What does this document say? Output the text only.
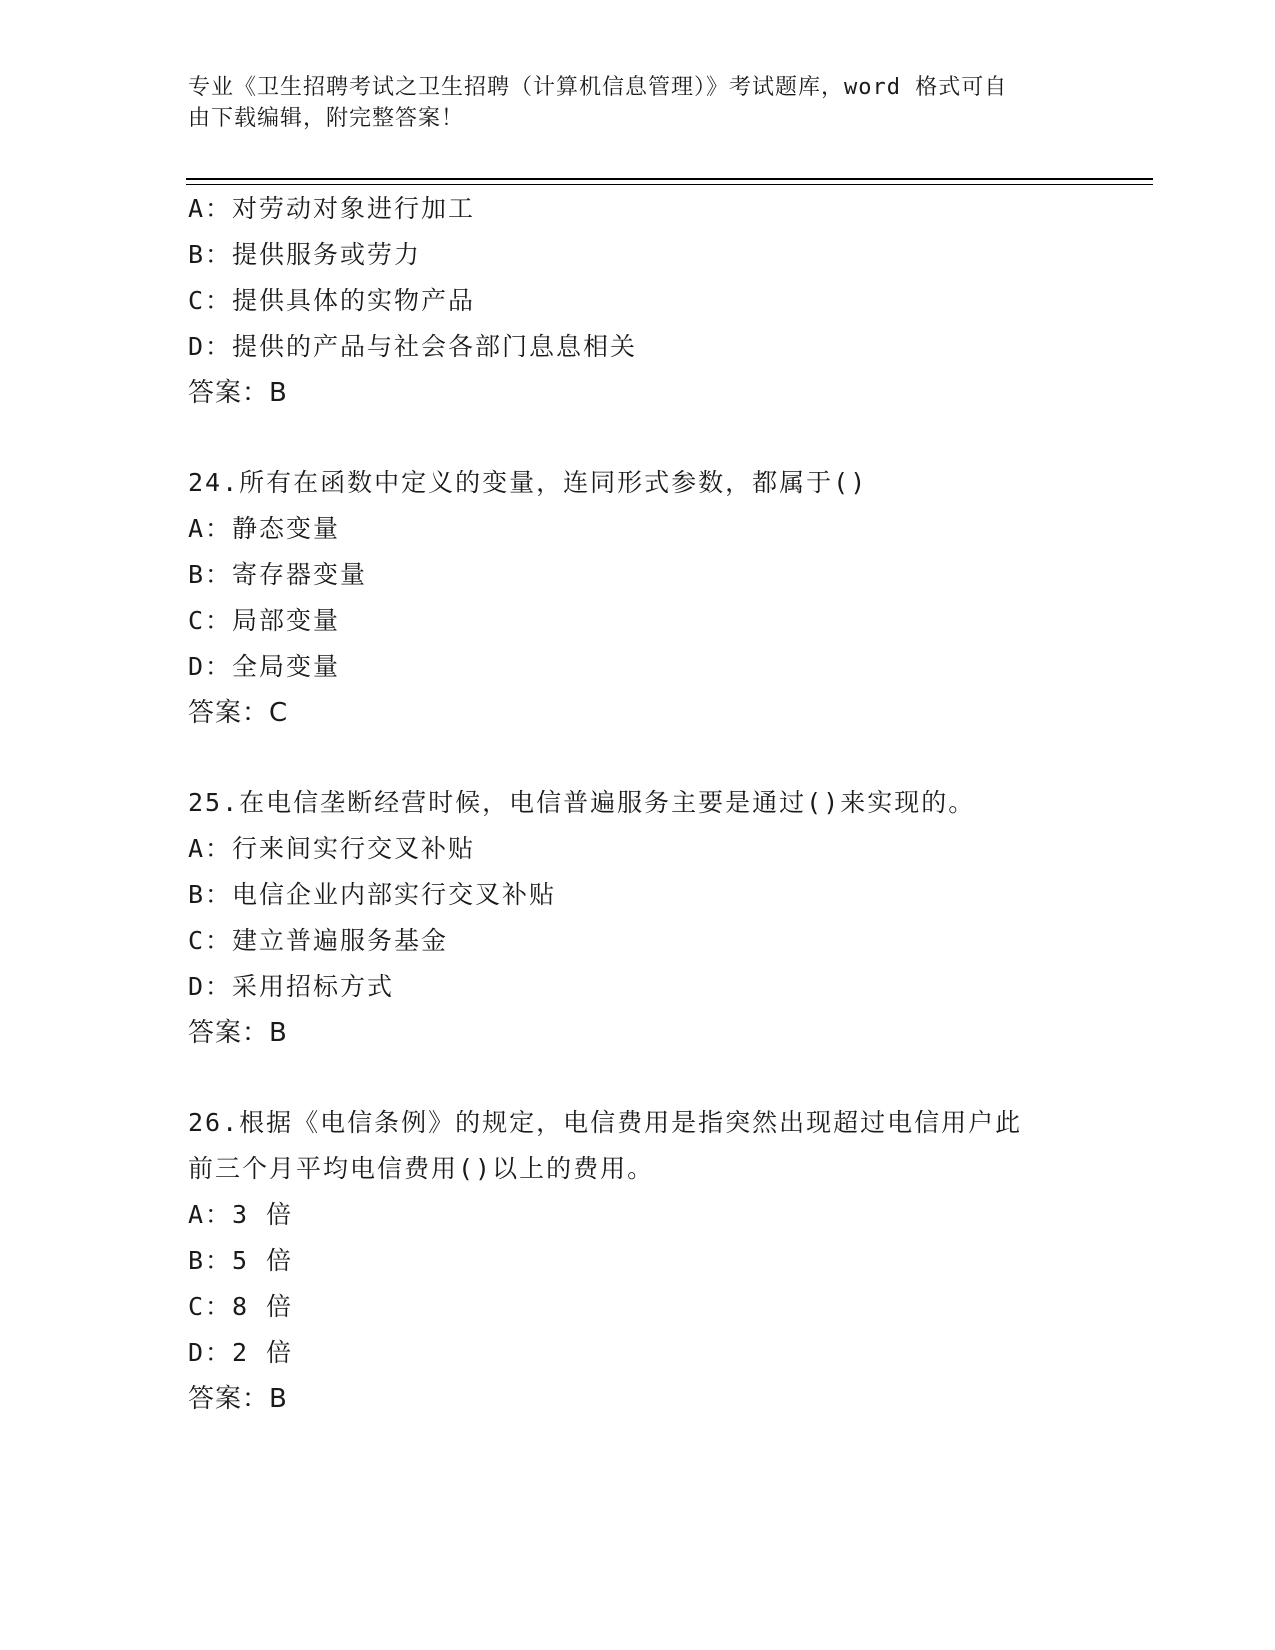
专业《卫生招聘考试之卫生招聘（计算机信息管理）》考试题库，word 格式可自
由下载编辑，附完整答案！
A：对劳动对象进行加工
B：提供服务或劳力
C：提供具体的实物产品
D：提供的产品与社会各部门息息相关
答案：B
24.所有在函数中定义的变量，连同形式参数，都属于()
A：静态变量
B：寄存器变量
C：局部变量
D：全局变量
答案：C
25.在电信垄断经营时候，电信普遍服务主要是通过()来实现的。
A：行来间实行交叉补贴
B：电信企业内部实行交叉补贴
C：建立普遍服务基金
D：采用招标方式
答案：B
26.根据《电信条例》的规定，电信费用是指突然出现超过电信用户此
前三个月平均电信费用()以上的费用。
A：3 倍
B：5 倍
C：8 倍
D：2 倍
答案：B
